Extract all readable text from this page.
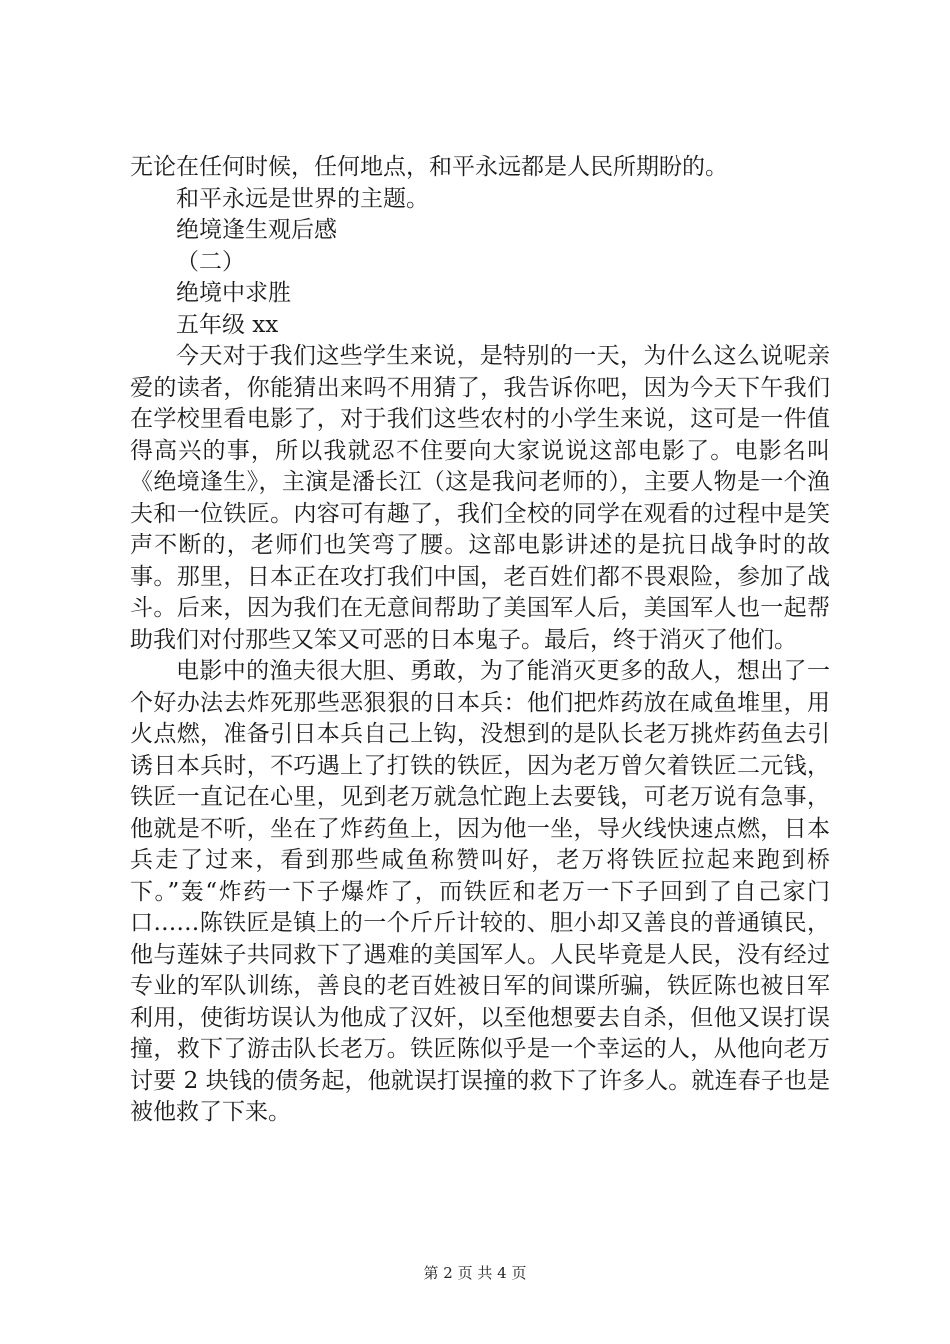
无论在任何时候，任何地点，和平永远都是人民所期盼的。
和平永远是世界的主题。
绝境逢生观后感
（二）
绝境中求胜
五年级 xx

今天对于我们这些学生来说，是特别的一天，为什么这么说呢亲爱的读者，你能猜出来吗不用猜了，我告诉你吧，因为今天下午我们在学校里看电影了，对于我们这些农村的小学生来说，这可是一件值得高兴的事，所以我就忍不住要向大家说说这部电影了。电影名叫《绝境逢生》，主演是潘长江（这是我问老师的），主要人物是一个渔夫和一位铁匠。内容可有趣了，我们全校的同学在观看的过程中是笑声不断的，老师们也笑弯了腰。这部电影讲述的是抗日战争时的故事。那里，日本正在攻打我们中国，老百姓们都不畏艰险，参加了战斗。后来，因为我们在无意间帮助了美国军人后，美国军人也一起帮助我们对付那些又笨又可恶的日本鬼子。最后，终于消灭了他们。

电影中的渔夫很大胆、勇敢，为了能消灭更多的敌人，想出了一个好办法去炸死那些恶狠狠的日本兵：他们把炸药放在咸鱼堆里，用火点燃，准备引日本兵自己上钩，没想到的是队长老万挑炸药鱼去引诱日本兵时，不巧遇上了打铁的铁匠，因为老万曾欠着铁匠二元钱，铁匠一直记在心里，见到老万就急忙跑上去要钱，可老万说有急事，他就是不听，坐在了炸药鱼上，因为他一坐，导火线快速点燃，日本兵走了过来，看到那些咸鱼称赞叫好，老万将铁匠拉起来跑到桥下。”轰“炸药一下子爆炸了，而铁匠和老万一下子回到了自己家门口……陈铁匠是镇上的一个斤斤计较的、胆小却又善良的普通镇民，他与莲妹子共同救下了遇难的美国军人。人民毕竟是人民，没有经过专业的军队训练，善良的老百姓被日军的间谍所骗，铁匠陈也被日军利用，使街坊误认为他成了汉奸，以至他想要去自杀，但他又误打误撞，救下了游击队长老万。铁匠陈似乎是一个幸运的人，从他向老万讨要 2 块钱的债务起，他就误打误撞的救下了许多人。就连春子也是被他救了下来。

第 2 页 共 4 页
